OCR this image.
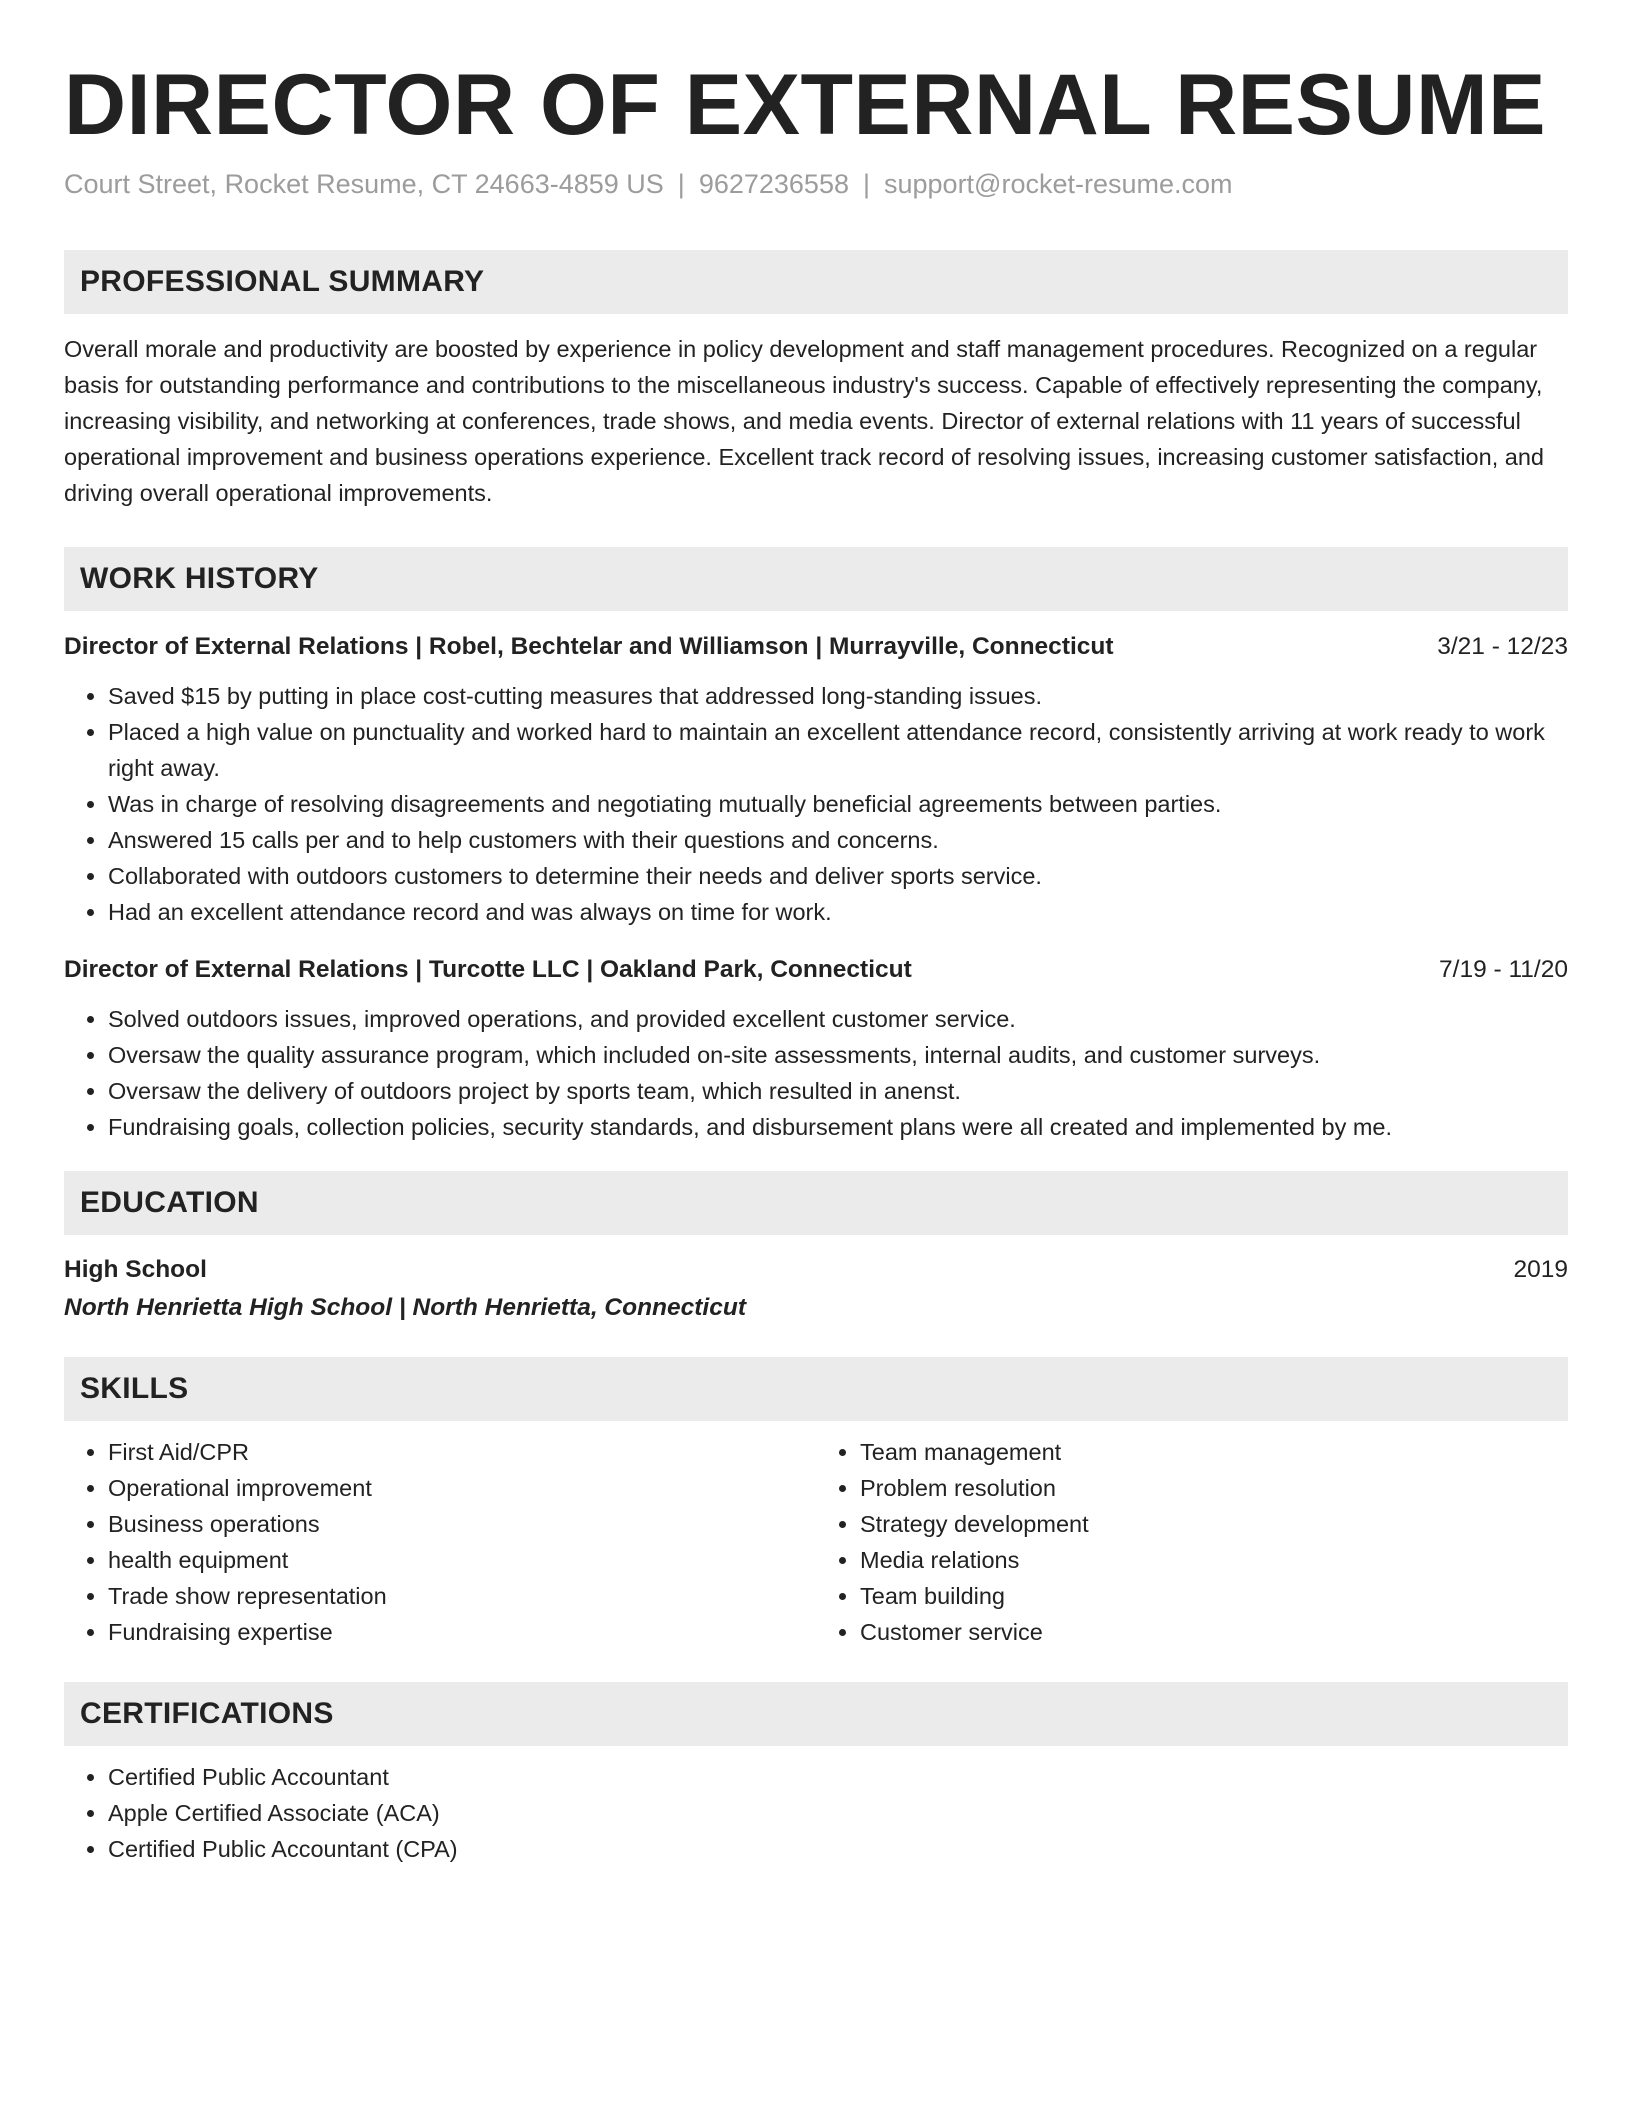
DIRECTOR OF EXTERNAL RESUME
Court Street, Rocket Resume, CT 24663-4859 US | 9627236558 | support@rocket-resume.com
PROFESSIONAL SUMMARY

Overall morale and productivity are boosted by experience in policy development and staff management procedures. Recognized on a regular basis for outstanding performance and contributions to the miscellaneous industry's success. Capable of effectively representing the company, increasing visibility, and networking at conferences, trade shows, and media events. Director of external relations with 11 years of successful operational improvement and business operations experience. Excellent track record of resolving issues, increasing customer satisfaction, and driving overall operational improvements.

WORK HISTORY
Director of External Relations | Robel, Bechtelar and Williamson | Murrayville, Connecticut	3/21 - 12/23
• Saved $15 by putting in place cost-cutting measures that addressed long-standing issues.
• Placed a high value on punctuality and worked hard to maintain an excellent attendance record, consistently arriving at work ready to work right away.
• Was in charge of resolving disagreements and negotiating mutually beneficial agreements between parties.
• Answered 15 calls per and to help customers with their questions and concerns.
• Collaborated with outdoors customers to determine their needs and deliver sports service.
• Had an excellent attendance record and was always on time for work.
Director of External Relations | Turcotte LLC | Oakland Park, Connecticut	7/19 - 11/20
• Solved outdoors issues, improved operations, and provided excellent customer service.
• Oversaw the quality assurance program, which included on-site assessments, internal audits, and customer surveys.
• Oversaw the delivery of outdoors project by sports team, which resulted in anenst.
• Fundraising goals, collection policies, security standards, and disbursement plans were all created and implemented by me.
EDUCATION
High School	2019
North Henrietta High School | North Henrietta, Connecticut
SKILLS
• First Aid/CPR
• Operational improvement
• Business operations
• health equipment
• Trade show representation
• Fundraising expertise
• Team management
• Problem resolution
• Strategy development
• Media relations
• Team building
• Customer service
CERTIFICATIONS
• Certified Public Accountant
• Apple Certified Associate (ACA)
• Certified Public Accountant (CPA)
